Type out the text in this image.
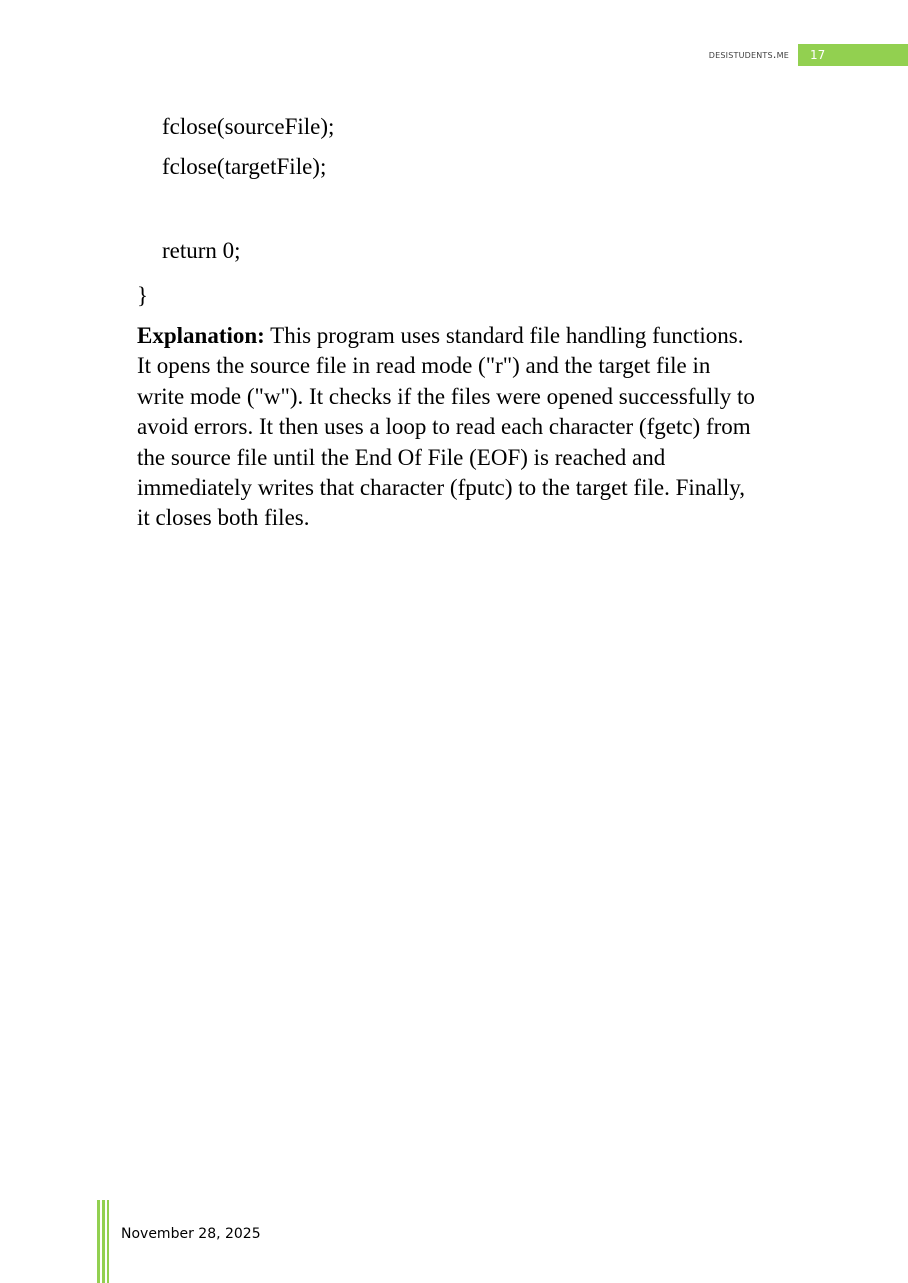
desistudents.me	17
fclose(sourceFile);
fclose(targetFile);
return 0;
}
Explanation: This program uses standard file handling functions.
It opens the source file in read mode ("r") and the target file in
write mode ("w"). It checks if the files were opened successfully to
avoid errors. It then uses a loop to read each character (fgetc) from
the source file until the End Of File (EOF) is reached and
immediately writes that character (fputc) to the target file. Finally,
it closes both files.
November 28, 2025
